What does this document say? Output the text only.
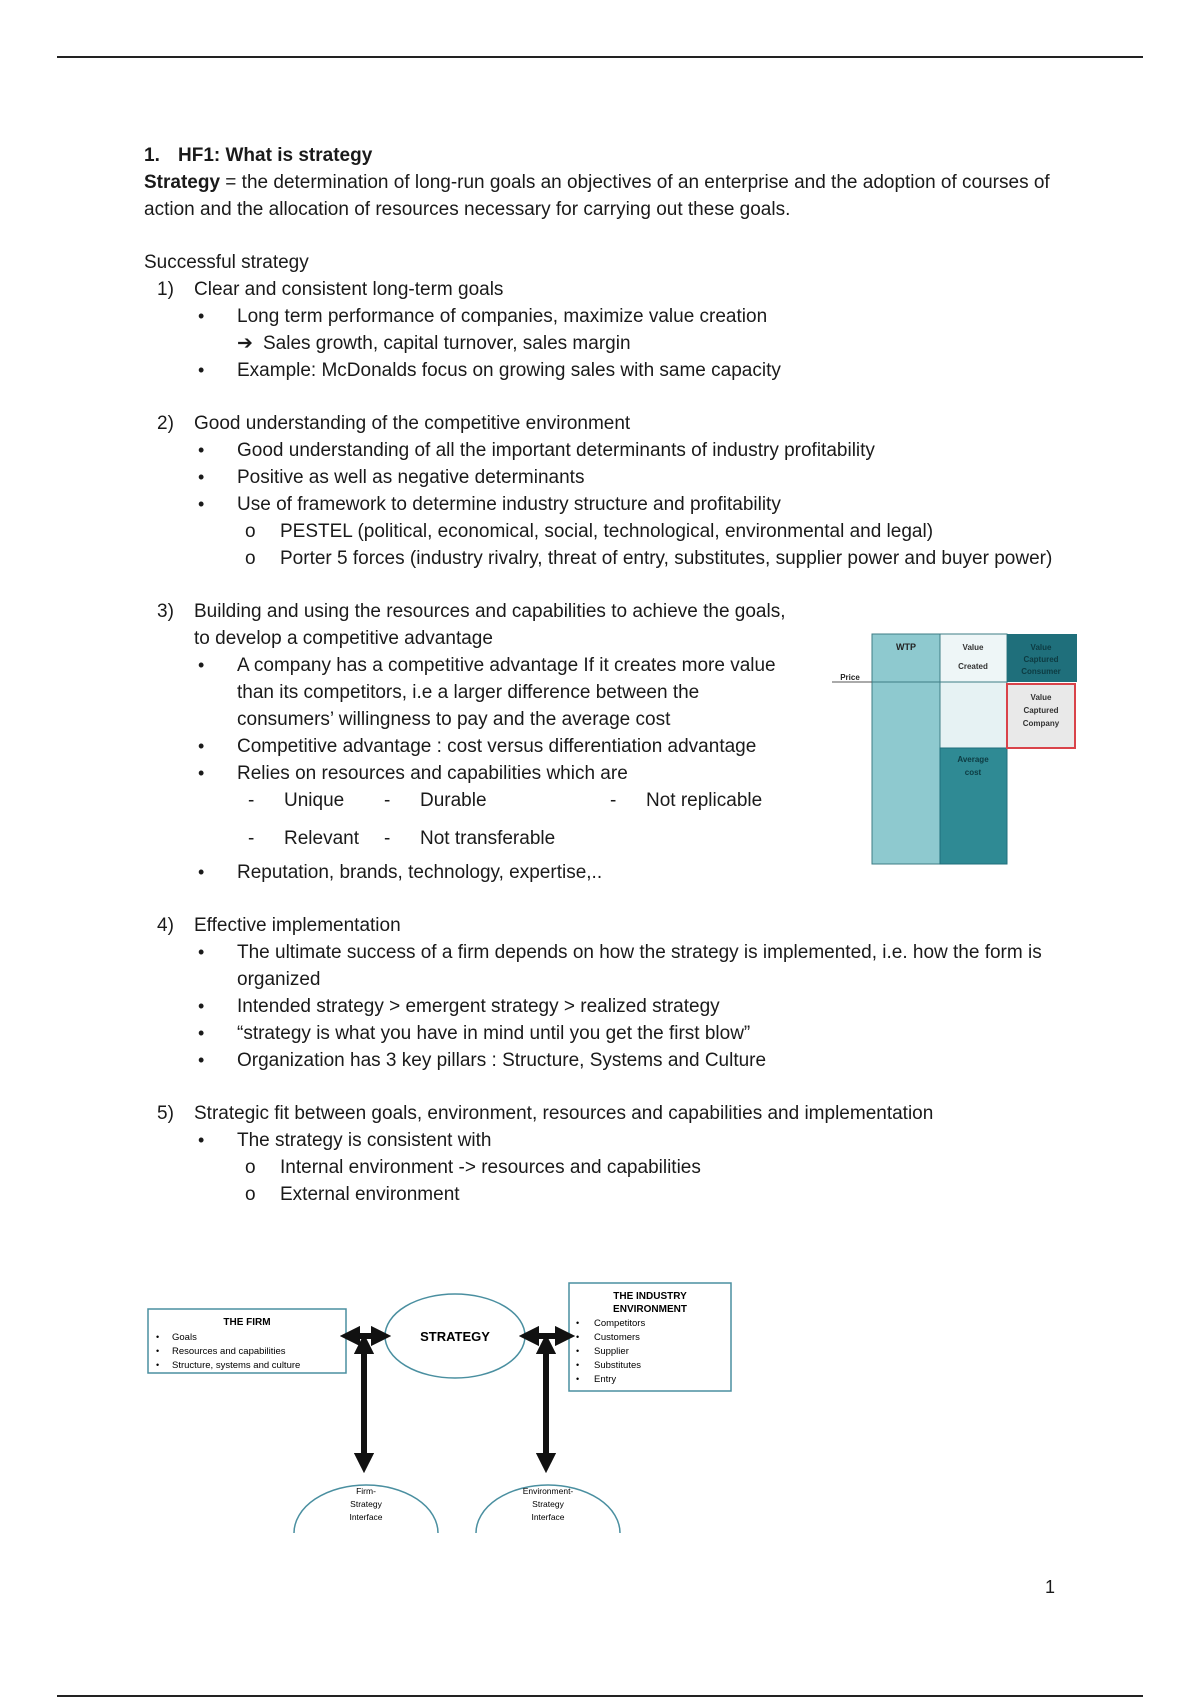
1. HF1: What is strategy

Strategy = the determination of long-run goals an objectives of an enterprise and the adoption of courses of action and the allocation of resources necessary for carrying out these goals.

Successful strategy

1) Clear and consistent long-term goals
• Long term performance of companies, maximize value creation
➔ Sales growth, capital turnover, sales margin
• Example: McDonalds focus on growing sales with same capacity
2) Good understanding of the competitive environment
• Good understanding of all the important determinants of industry profitability
• Positive as well as negative determinants
• Use of framework to determine industry structure and profitability
o PESTEL (political, economical, social, technological, environmental and legal)
o Porter 5 forces (industry rivalry, threat of entry, substitutes, supplier power and buyer power)
3) Building and using the resources and capabilities to achieve the goals, to develop a competitive advantage
• A company has a competitive advantage If it creates more value than its competitors, i.e a larger difference between the consumers’ willingness to pay and the average cost
• Competitive advantage : cost versus differentiation advantage
• Relies on resources and capabilities which are
- Unique - Durable	- Not replicable
- Relevant - Not transferable
• Reputation, brands, technology, expertise,..
4) Effective implementation
• The ultimate success of a firm depends on how the strategy is implemented, i.e. how the form is organized
• Intended strategy > emergent strategy > realized strategy
• “strategy is what you have in mind until you get the first blow”
• Organization has 3 key pillars : Structure, Systems and Culture
5) Strategic fit between goals, environment, resources and capabilities and implementation
• The strategy is consistent with
o Internal environment -> resources and capabilities
o External environment
WTP
Price
Value
Created
Value
Captured
Consumer
Value
Captured
Company
Average
cost
THE FIRM
• Goals
• Resources and capabilities
• Structure, systems and culture
STRATEGY
THE INDUSTRY
ENVIRONMENT
• Competitors
• Customers
• Supplier
• Substitutes
• Entry
Firm-
Strategy
Interface
Environment-
Strategy
Interface
1
